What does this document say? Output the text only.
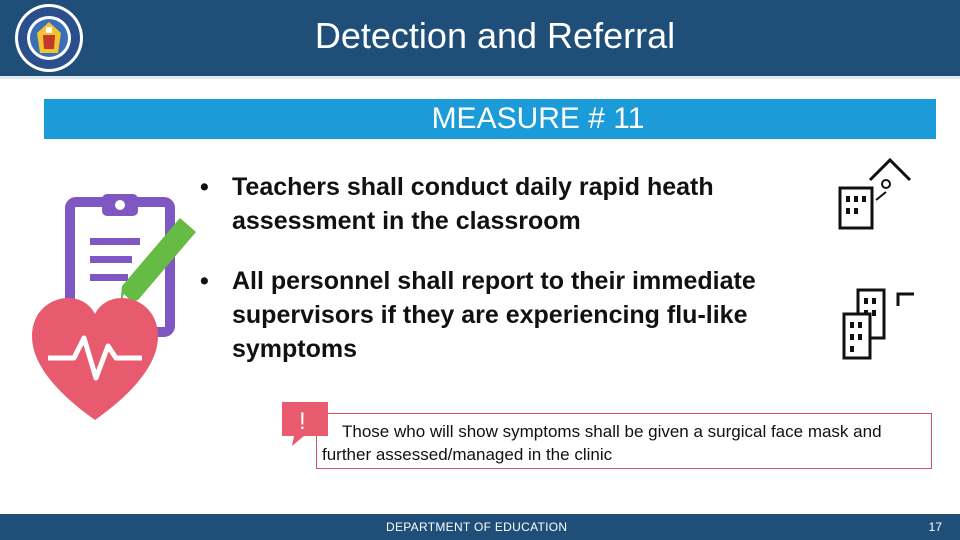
Detection and Referral
MEASURE # 11
• Teachers shall conduct daily rapid heath assessment in the classroom
• All personnel shall report to their immediate supervisors if they are experiencing flu-like symptoms
!	Those who will show symptoms shall be given a surgical face mask and further assessed/managed in the clinic
DEPARTMENT OF EDUCATION	17
